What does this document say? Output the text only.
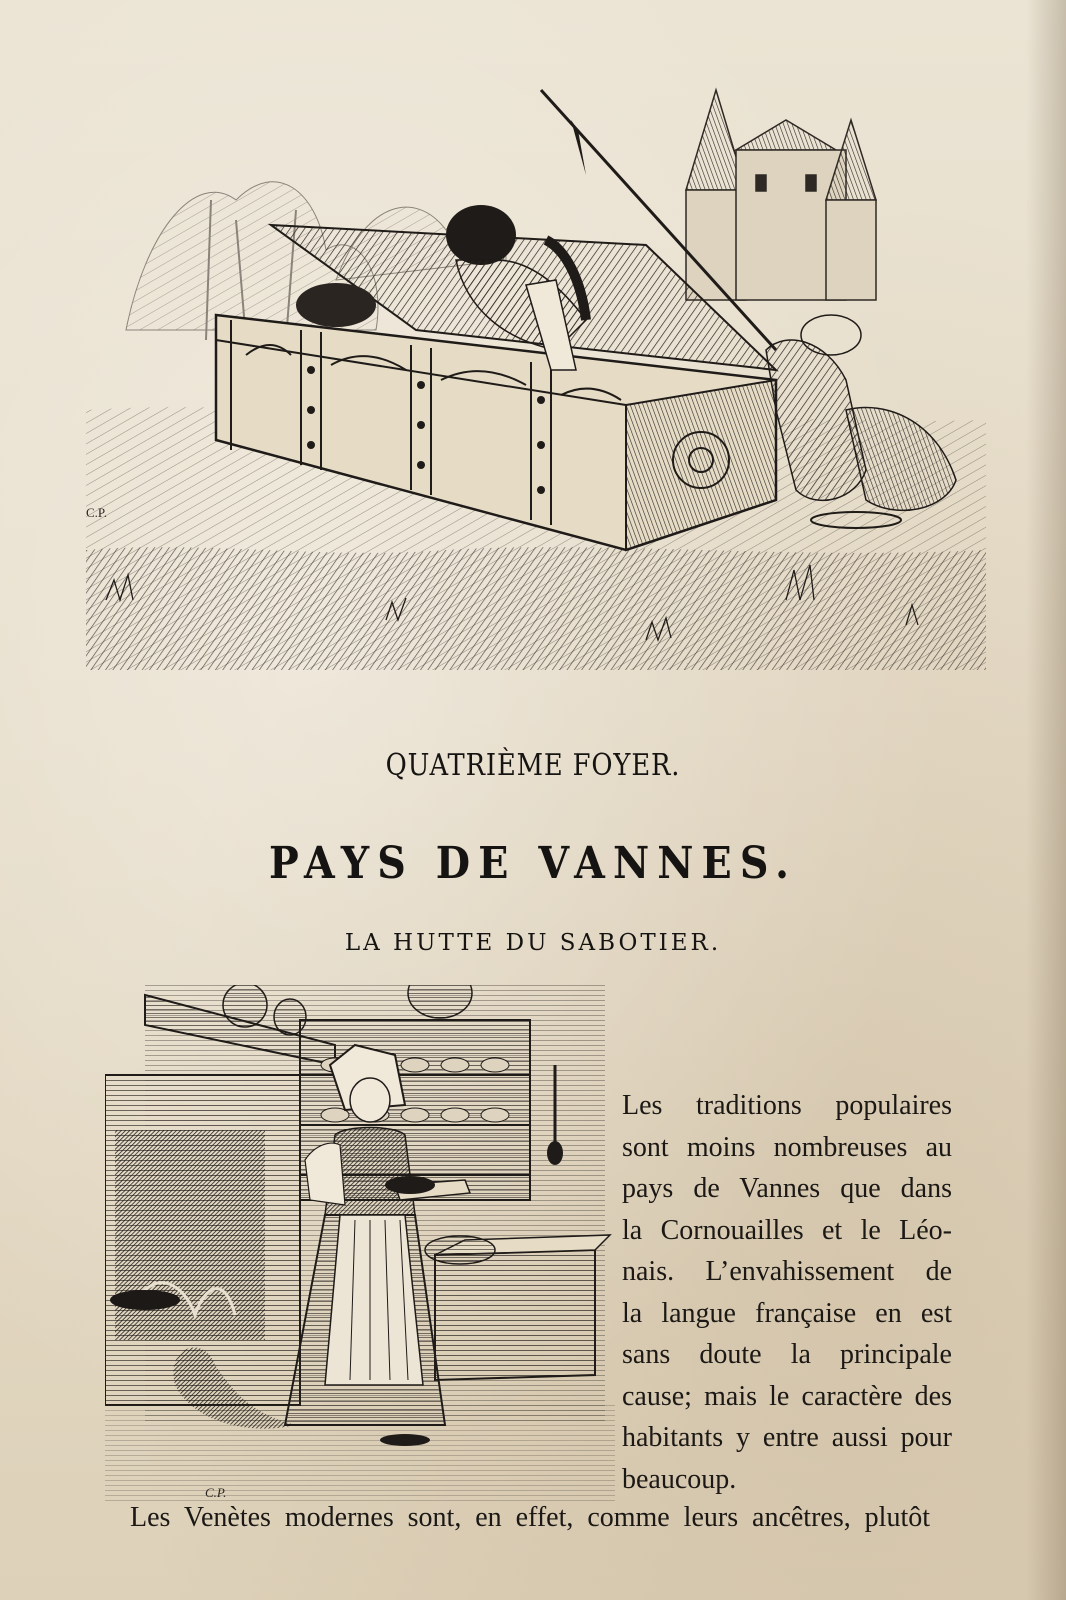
C.P.
QUATRIÈME FOYER.
PAYS DE VANNES.
LA HUTTE DU SABOTIER.
C.P.
Les traditions populaires
sont moins nombreuses au
pays de Vannes que dans
la Cornouailles et le Léo-
nais. L’envahissement de
la langue française en est
sans doute la principale
cause; mais le caractère des
habitants y entre aussi pour
beaucoup.
Les Venètes modernes sont, en effet, comme leurs ancêtres, plutôt
